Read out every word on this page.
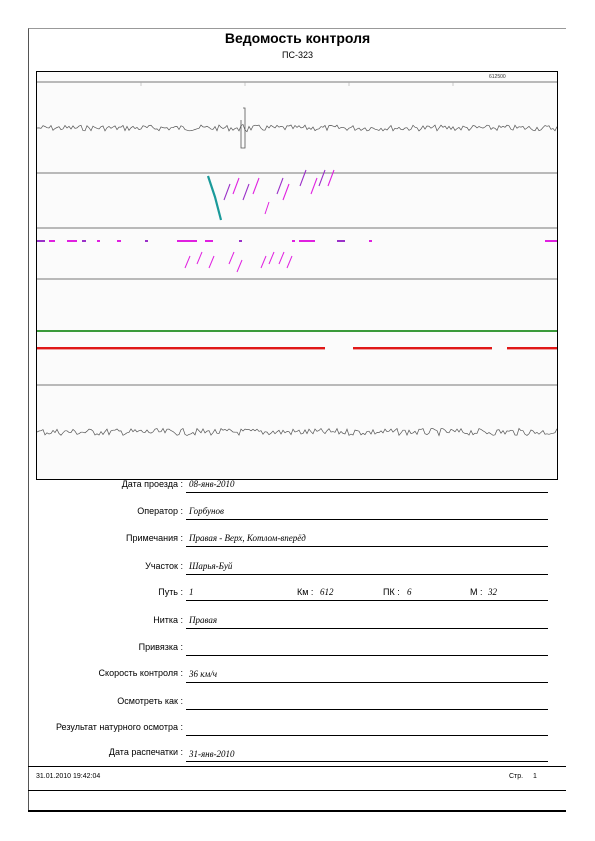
Ведомость контроля
ПС-323
612500
Дата проезда : 08-янв-2010
Оператор : Горбунов
Примечания : Правая - Верх, Котлом-вперёд
Участок : Шарья-Буй
Путь : 1	Км : 612	ПК : 6	М : 32
Нитка : Правая
Привязка :
Скорость контроля : 36 км/ч
Осмотреть как :
Результат натурного осмотра :
Дата распечатки : 31-янв-2010
31.01.2010 19:42:04	Стр. 1
